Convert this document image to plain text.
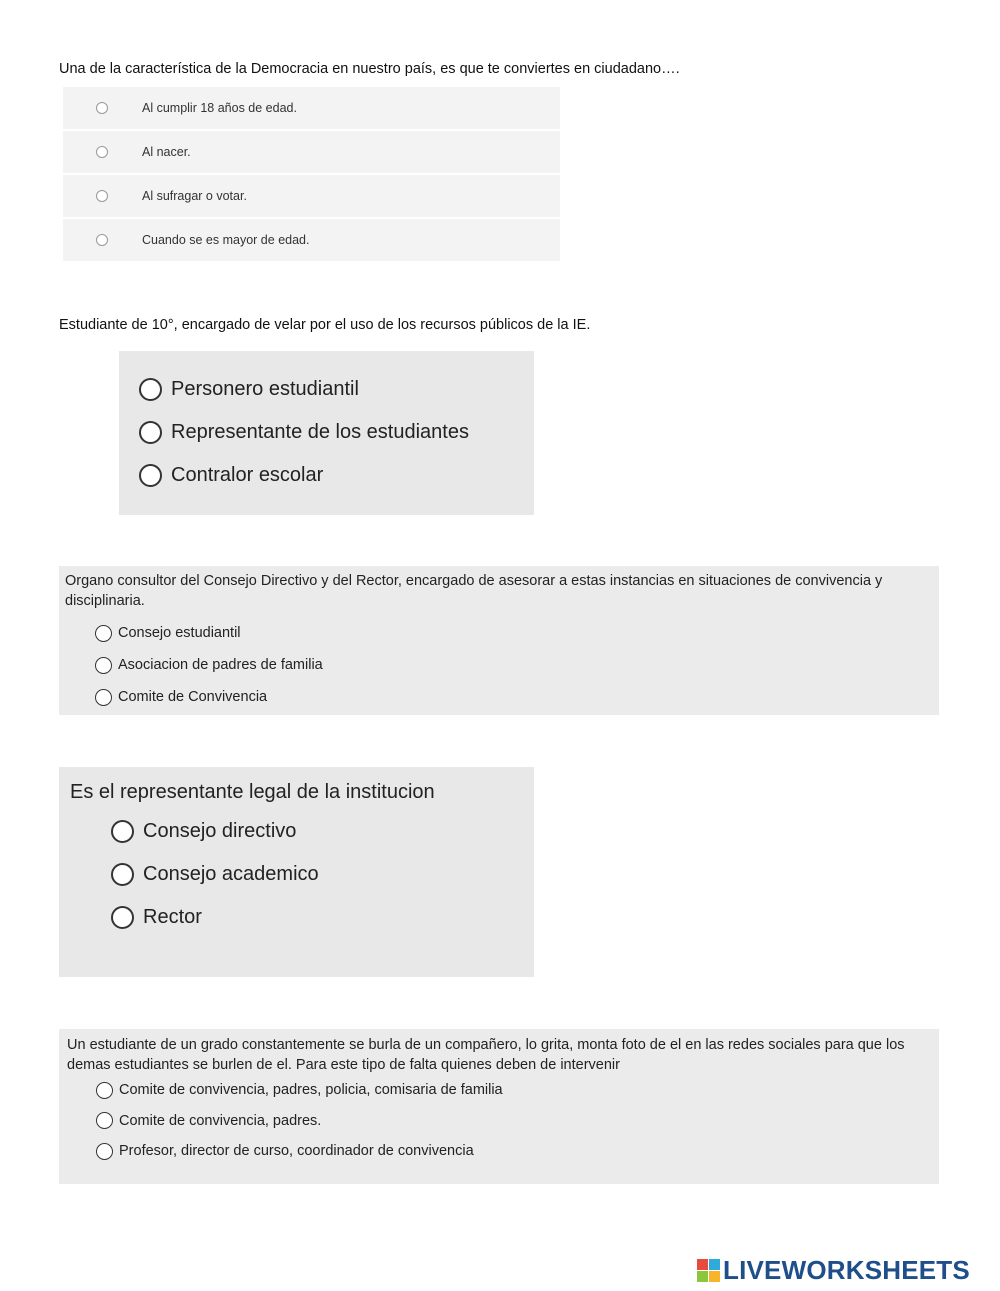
Una de la característica de la Democracia en nuestro país, es que te conviertes en ciudadano….
Al cumplir 18 años de edad.
Al nacer.
Al sufragar o votar.
Cuando se es mayor de edad.
Estudiante de 10°, encargado de velar por el uso de los recursos públicos de la IE.
Personero estudiantil
Representante de los estudiantes
Contralor escolar
Organo consultor del Consejo Directivo y del Rector, encargado de asesorar a estas instancias en situaciones de convivencia y disciplinaria.
Consejo estudiantil
Asociacion de padres de familia
Comite de Convivencia
Es el representante legal de la institucion
Consejo directivo
Consejo academico
Rector
Un estudiante de un grado constantemente se burla de un compañero, lo grita, monta foto de el en las redes sociales para que los demas estudiantes se burlen de el. Para este tipo de falta quienes deben de intervenir
Comite de convivencia, padres, policia, comisaria de familia
Comite de convivencia, padres.
Profesor, director de curso, coordinador de convivencia
LIVEWORKSHEETS
